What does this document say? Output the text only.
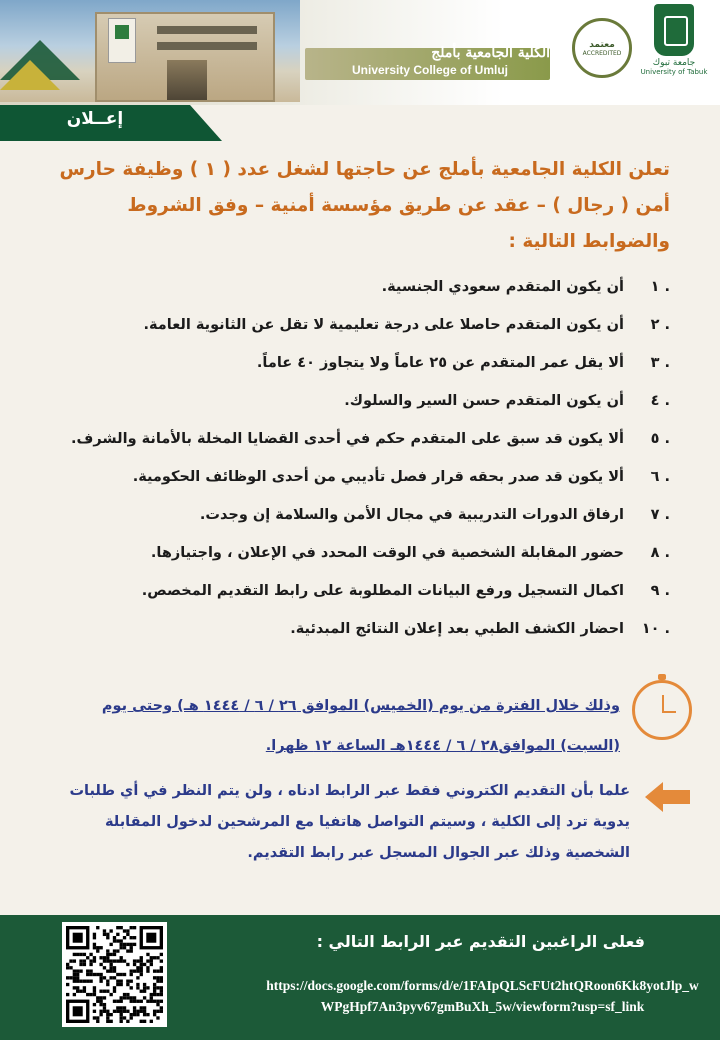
الكلية الجامعية بأملج
University College of Umluj
معتمد
ACCREDITED
جامعة تبوك
University of Tabuk
إعــلان
تعلن الكلية الجامعية بأملج عن حاجتها لشغل عدد ( ١ ) وظيفة حارس أمن ( رجال ) – عقد عن طريق مؤسسة أمنية – وفق الشروط والضوابط التالية :
أن يكون المتقدم سعودي الجنسية.	١ .
أن يكون المتقدم حاصلا على درجة تعليمية لا تقل عن الثانوية العامة.	٢ .
ألا يقل عمر المتقدم عن ٢٥ عاماً ولا يتجاوز ٤٠ عاماً.	٣ .
أن يكون المتقدم حسن السير والسلوك.	٤ .
ألا يكون قد سبق على المتقدم حكم في أحدى القضايا المخلة بالأمانة والشرف.	٥ .
ألا يكون قد صدر بحقه قرار فصل تأديبي من أحدى الوظائف الحكومية.	٦ .
ارفاق الدورات التدريبية في مجال الأمن والسلامة إن وجدت.	٧ .
حضور المقابلة الشخصية في الوقت المحدد في الإعلان ، واجتيازها.	٨ .
اكمال التسجيل ورفع البيانات المطلوبة على رابط التقديم المخصص.	٩ .
احضار الكشف الطبي بعد إعلان النتائج المبدئية.	١٠ .
وذلك خلال الفترة من يوم (الخميس) الموافق ٢٦ / ٦ / ١٤٤٤ هـ) وحتى يوم (السبت) الموافق٢٨ / ٦ / ١٤٤٤هـ الساعة ١٢ ظهرا.
علما بأن التقديم الكتروني فقط عبر الرابط ادناه ، ولن يتم النظر في أي طلبات يدوية ترد إلى الكلية ، وسيتم التواصل هاتفيا مع المرشحين لدخول المقابلة الشخصية وذلك عبر الجوال المسجل عبر رابط التقديم.
فعلى الراغبين التقديم عبر الرابط التالي :
https://docs.google.com/forms/d/e/1FAIpQLScFUt2htQRoon6Kk8yotJlp_wWPgHpf7An3pyv67gmBuXh_5w/viewform?usp=sf_link
